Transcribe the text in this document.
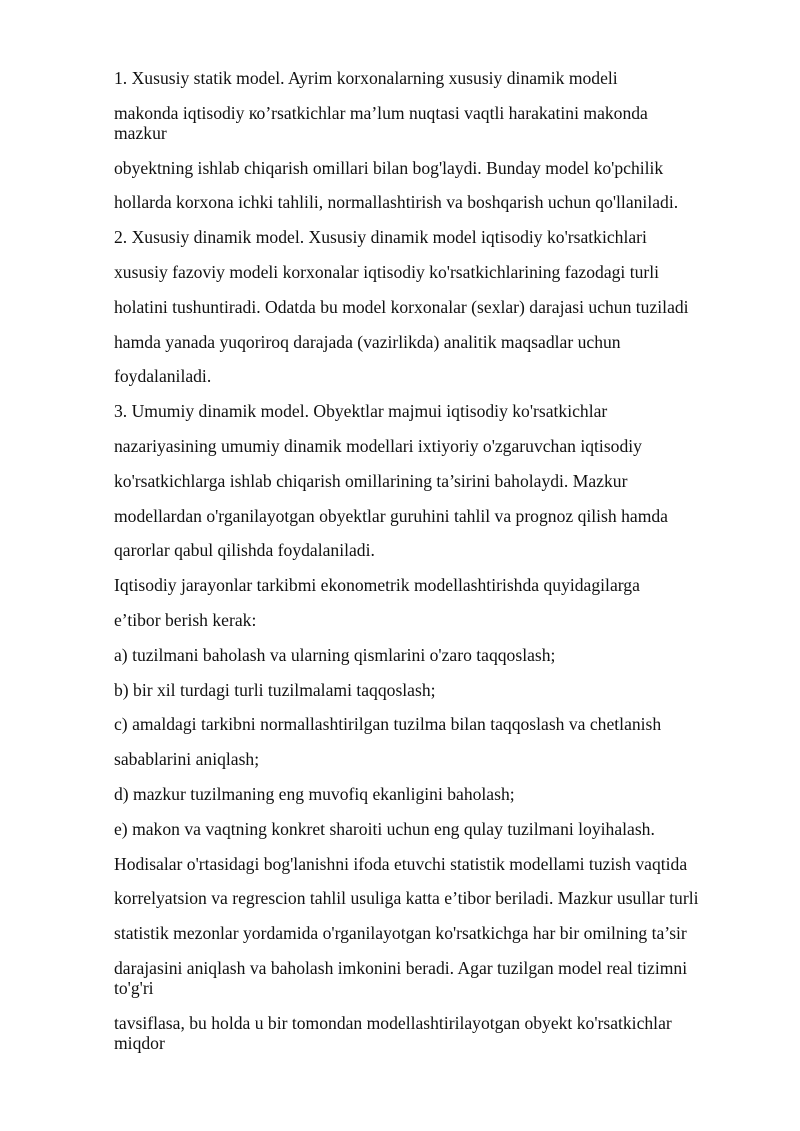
1. Xususiy statik model. Ayrim korxonalarning xususiy dinamik modeli
makonda iqtisodiy ко’rsatkichlar ma’lum nuqtasi vaqtli harakatini makonda
mazkur
obyektning ishlab chiqarish omillari bilan bog'laydi. Bunday model ko'pchilik
hollarda korxona ichki tahlili, normallashtirish va boshqarish uchun qo'llaniladi.
2. Xususiy dinamik model. Xususiy dinamik model iqtisodiy ko'rsatkichlari
xususiy fazoviy modeli korxonalar iqtisodiy ko'rsatkichlarining fazodagi turli
holatini tushuntiradi. Odatda bu model korxonalar (sexlar) darajasi uchun tuziladi
hamda yanada yuqoriroq darajada (vazirlikda) analitik maqsadlar uchun
foydalaniladi.
3. Umumiy dinamik model. Obyektlar majmui iqtisodiy ko'rsatkichlar
nazariyasining umumiy dinamik modellari ixtiyoriy o'zgaruvchan iqtisodiy
ko'rsatkichlarga ishlab chiqarish omillarining ta’sirini baholaydi. Mazkur
modellardan o'rganilayotgan obyektlar guruhini tahlil va prognoz qilish hamda
qarorlar qabul qilishda foydalaniladi.
Iqtisodiy jarayonlar tarkibmi ekonometrik modellashtirishda quyidagilarga
e’tibor berish kerak:
a) tuzilmani baholash va ularning qismlarini o'zaro taqqoslash;
b) bir xil turdagi turli tuzilmalami taqqoslash;
c) amaldagi tarkibni normallashtirilgan tuzilma bilan taqqoslash va chetlanish
sabablarini aniqlash;
d) mazkur tuzilmaning eng muvofiq ekanligini baholash;
e) makon va vaqtning konkret sharoiti uchun eng qulay tuzilmani loyihalash.
Hodisalar o'rtasidagi bog'lanishni ifoda etuvchi statistik modellami tuzish vaqtida
korrelyatsion va regrescion tahlil usuliga katta e’tibor beriladi. Mazkur usullar turli
statistik mezonlar yordamida o'rganilayotgan ko'rsatkichga har bir omilning ta’sir
darajasini aniqlash va baholash imkonini beradi. Agar tuzilgan model real tizimni
to'g'ri
tavsiflasa, bu holda u bir tomondan modellashtirilayotgan obyekt ko'rsatkichlar
miqdor
